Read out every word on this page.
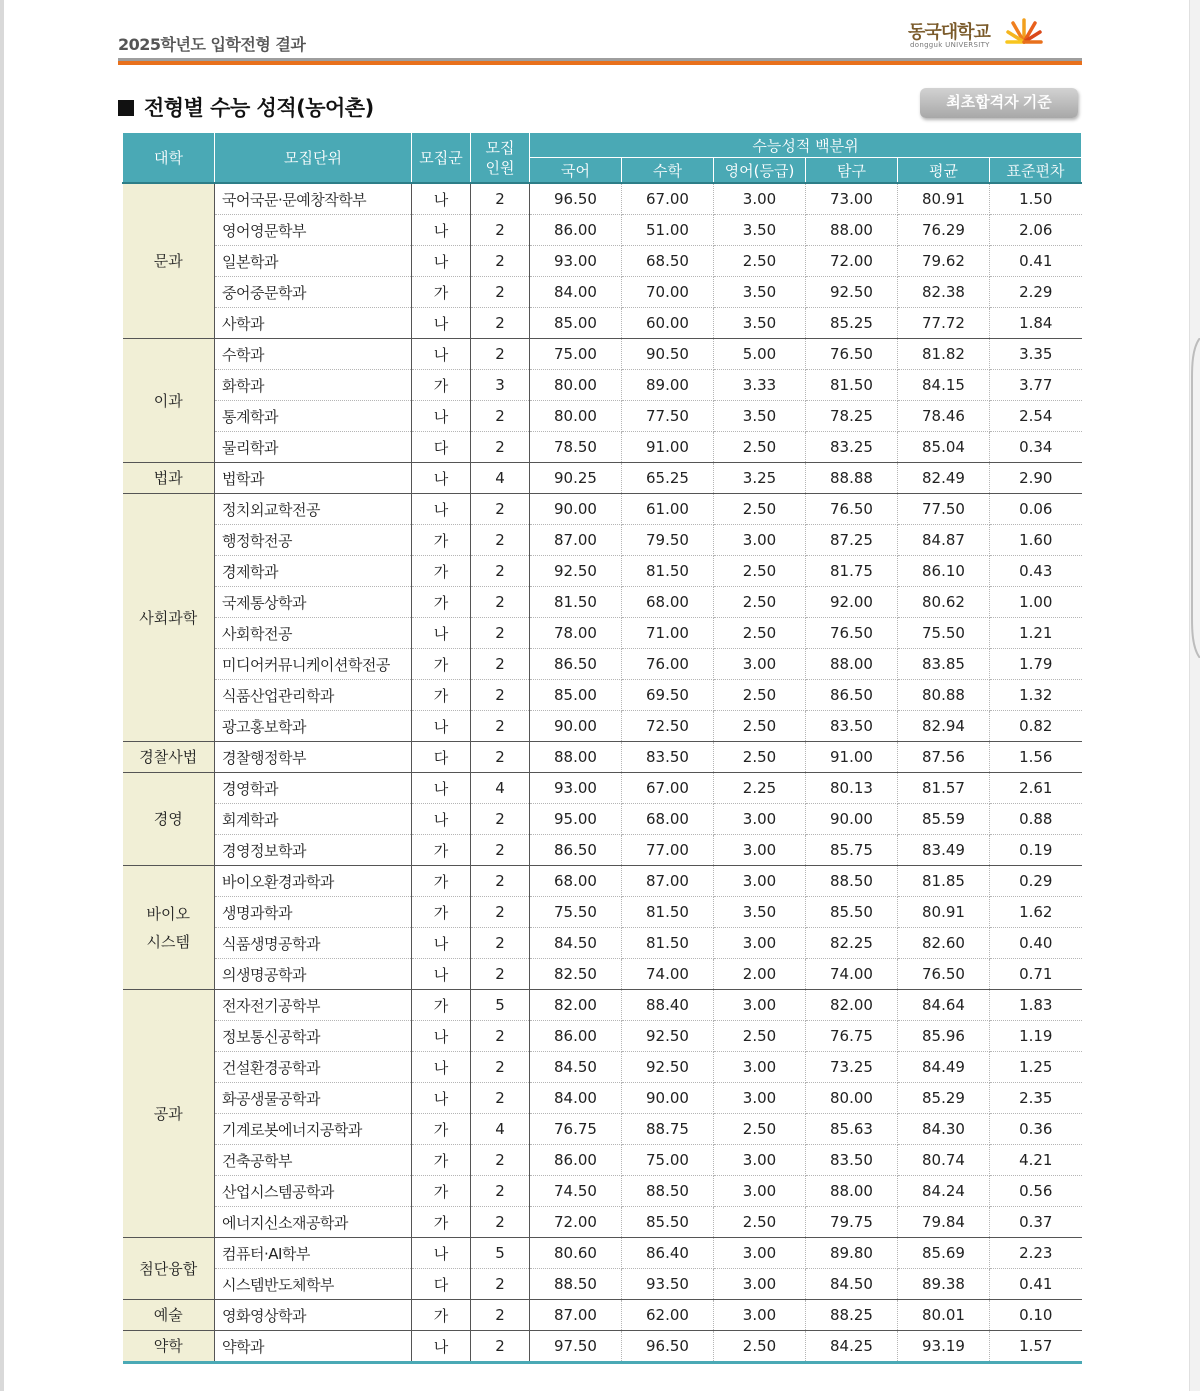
2025학년도 입학전형 결과
동국대학교
dongguk UNIVERSITY
전형별 수능 성적(농어촌)	최초합격자 기준
대학	모집단위	모집군	모집
인원	수능성적 백분위					
				국어	수학	영어(등급)	탐구	평균	표준편차
문과	국어국문·문예창작학부	나	2	96.50	67.00	3.00	73.00	80.91	1.50
	영어영문학부	나	2	86.00	51.00	3.50	88.00	76.29	2.06
	일본학과	나	2	93.00	68.50	2.50	72.00	79.62	0.41
	중어중문학과	가	2	84.00	70.00	3.50	92.50	82.38	2.29
	사학과	나	2	85.00	60.00	3.50	85.25	77.72	1.84
이과	수학과	나	2	75.00	90.50	5.00	76.50	81.82	3.35
	화학과	가	3	80.00	89.00	3.33	81.50	84.15	3.77
	통계학과	나	2	80.00	77.50	3.50	78.25	78.46	2.54
	물리학과	다	2	78.50	91.00	2.50	83.25	85.04	0.34
법과	법학과	나	4	90.25	65.25	3.25	88.88	82.49	2.90
사회과학	정치외교학전공	나	2	90.00	61.00	2.50	76.50	77.50	0.06
	행정학전공	가	2	87.00	79.50	3.00	87.25	84.87	1.60
	경제학과	가	2	92.50	81.50	2.50	81.75	86.10	0.43
	국제통상학과	가	2	81.50	68.00	2.50	92.00	80.62	1.00
	사회학전공	나	2	78.00	71.00	2.50	76.50	75.50	1.21
	미디어커뮤니케이션학전공	가	2	86.50	76.00	3.00	88.00	83.85	1.79
	식품산업관리학과	가	2	85.00	69.50	2.50	86.50	80.88	1.32
	광고홍보학과	나	2	90.00	72.50	2.50	83.50	82.94	0.82
경찰사법	경찰행정학부	다	2	88.00	83.50	2.50	91.00	87.56	1.56
경영	경영학과	나	4	93.00	67.00	2.25	80.13	81.57	2.61
	회계학과	나	2	95.00	68.00	3.00	90.00	85.59	0.88
	경영정보학과	가	2	86.50	77.00	3.00	85.75	83.49	0.19
바이오
시스템	바이오환경과학과	가	2	68.00	87.00	3.00	88.50	81.85	0.29
	생명과학과	가	2	75.50	81.50	3.50	85.50	80.91	1.62
	식품생명공학과	나	2	84.50	81.50	3.00	82.25	82.60	0.40
	의생명공학과	나	2	82.50	74.00	2.00	74.00	76.50	0.71
공과	전자전기공학부	가	5	82.00	88.40	3.00	82.00	84.64	1.83
	정보통신공학과	나	2	86.00	92.50	2.50	76.75	85.96	1.19
	건설환경공학과	나	2	84.50	92.50	3.00	73.25	84.49	1.25
	화공생물공학과	나	2	84.00	90.00	3.00	80.00	85.29	2.35
	기계로봇에너지공학과	가	4	76.75	88.75	2.50	85.63	84.30	0.36
	건축공학부	가	2	86.00	75.00	3.00	83.50	80.74	4.21
	산업시스템공학과	가	2	74.50	88.50	3.00	88.00	84.24	0.56
	에너지신소재공학과	가	2	72.00	85.50	2.50	79.75	79.84	0.37
첨단융합	컴퓨터·AI학부	나	5	80.60	86.40	3.00	89.80	85.69	2.23
	시스템반도체학부	다	2	88.50	93.50	3.00	84.50	89.38	0.41
예술	영화영상학과	가	2	87.00	62.00	3.00	88.25	80.01	0.10
약학	약학과	나	2	97.50	96.50	2.50	84.25	93.19	1.57
